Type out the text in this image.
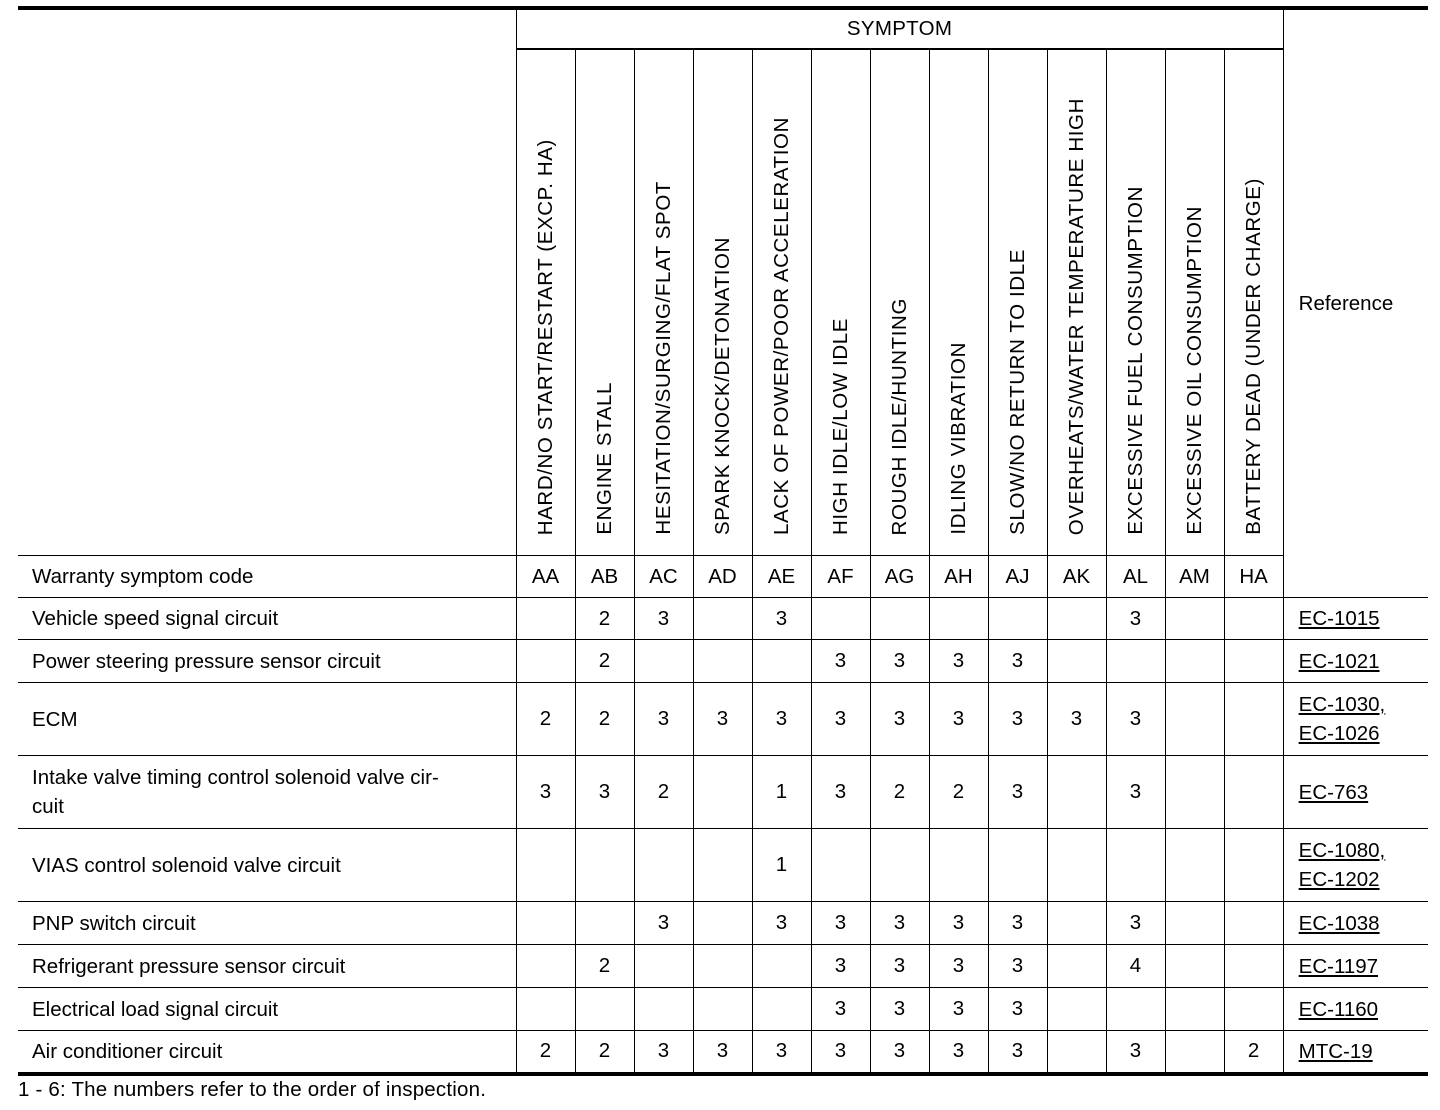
	SYMPTOM													Reference
	HARD/NO START/RESTART (EXCP. HA)	ENGINE STALL	HESITATION/SURGING/FLAT SPOT	SPARK KNOCK/DETONATION	LACK OF POWER/POOR ACCELERATION	HIGH IDLE/LOW IDLE	ROUGH IDLE/HUNTING	IDLING VIBRATION	SLOW/NO RETURN TO IDLE	OVERHEATS/WATER TEMPERATURE HIGH	EXCESSIVE FUEL CONSUMPTION	EXCESSIVE OIL CONSUMPTION	BATTERY DEAD (UNDER CHARGE)	
Warranty symptom code	AA	AB	AC	AD	AE	AF	AG	AH	AJ	AK	AL	AM	HA	
Vehicle speed signal circuit		2	3		3						3			EC-1015
Power steering pressure sensor circuit		2				3	3	3	3					EC-1021
ECM	2	2	3	3	3	3	3	3	3	3	3			EC-1030,
EC-1026
Intake valve timing control solenoid valve cir-
cuit	3	3	2		1	3	2	2	3		3			EC-763
VIAS control solenoid valve circuit					1									EC-1080,
EC-1202
PNP switch circuit			3		3	3	3	3	3		3			EC-1038
Refrigerant pressure sensor circuit		2				3	3	3	3		4			EC-1197
Electrical load signal circuit						3	3	3	3					EC-1160
Air conditioner circuit	2	2	3	3	3	3	3	3	3		3		2	MTC-19
1 - 6: The numbers refer to the order of inspection.
